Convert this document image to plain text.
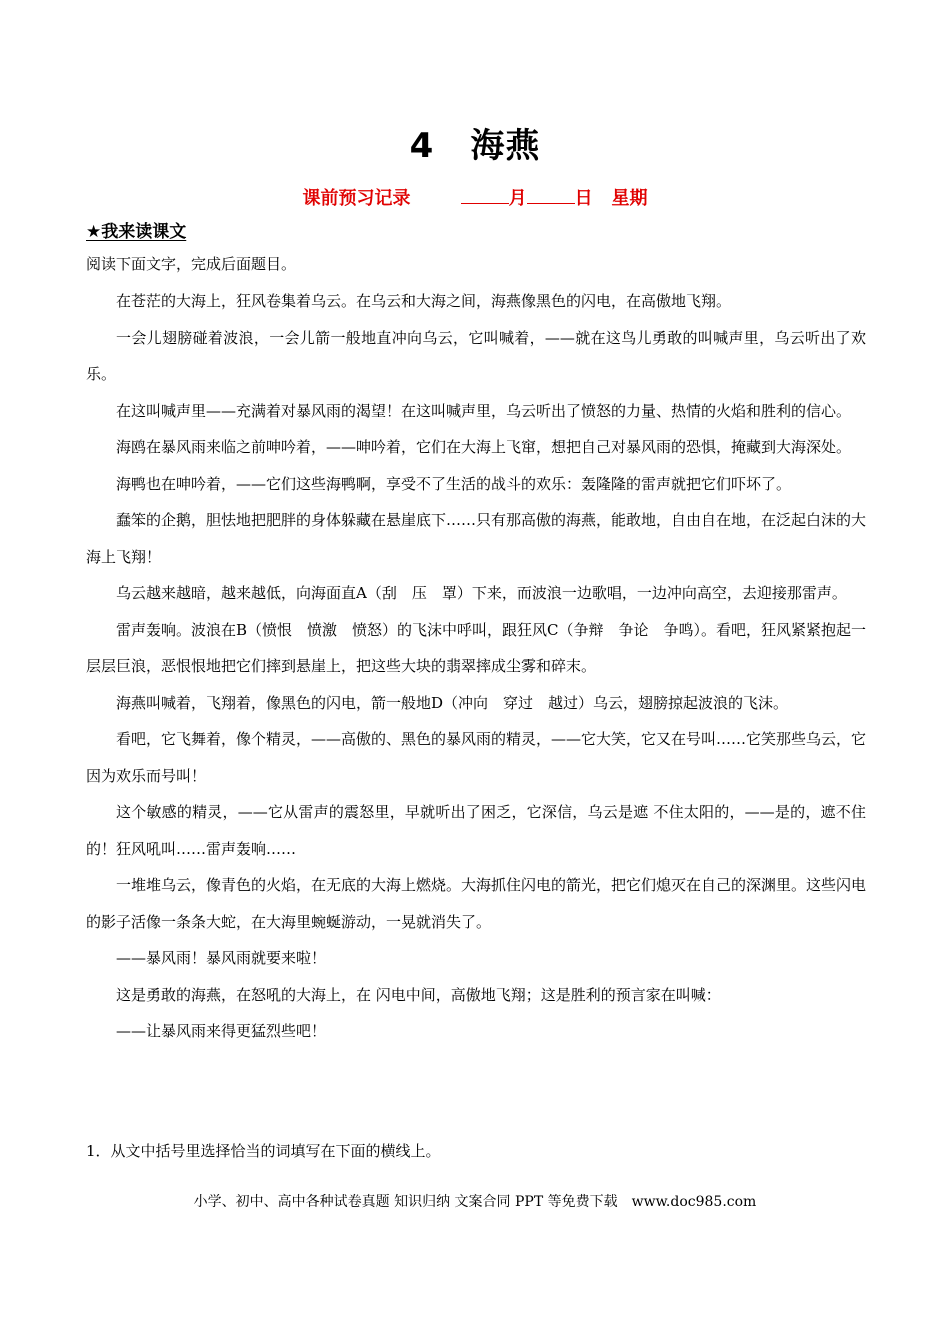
4 海燕
课前预习记录	月	日 星期
★我来读课文
阅读下面文字，完成后面题目。

在苍茫的大海上，狂风卷集着乌云。在乌云和大海之间，海燕像黑色的闪电，在高傲地飞翔。

一会儿翅膀碰着波浪，一会儿箭一般地直冲向乌云，它叫喊着，——就在这鸟儿勇敢的叫喊声里，乌云听出了欢乐。

在这叫喊声里——充满着对暴风雨的渴望！在这叫喊声里，乌云听出了愤怒的力量、热情的火焰和胜利的信心。

海鸥在暴风雨来临之前呻吟着，——呻吟着，它们在大海上飞窜，想把自己对暴风雨的恐惧，掩藏到大海深处。

海鸭也在呻吟着，——它们这些海鸭啊，享受不了生活的战斗的欢乐：轰隆隆的雷声就把它们吓坏了。

蠢笨的企鹅，胆怯地把肥胖的身体躲藏在悬崖底下……只有那高傲的海燕，能敢地，自由自在地，在泛起白沫的大海上飞翔！

乌云越来越暗，越来越低，向海面直A（刮　压　罩）下来，而波浪一边歌唱，一边冲向高空，去迎接那雷声。

雷声轰响。波浪在B（愤恨　愤激　愤怒）的飞沫中呼叫，跟狂风C（争辩　争论　争鸣）。看吧，狂风紧紧抱起一层层巨浪，恶恨恨地把它们摔到悬崖上，把这些大块的翡翠摔成尘雾和碎末。

海燕叫喊着，飞翔着，像黑色的闪电，箭一般地D（冲向　穿过　越过）乌云，翅膀掠起波浪的飞沫。

看吧，它飞舞着，像个精灵，——高傲的、黑色的暴风雨的精灵，——它大笑，它又在号叫……它笑那些乌云，它因为欢乐而号叫！

这个敏感的精灵，——它从雷声的震怒里，早就听出了困乏，它深信，乌云是遮 不住太阳的，——是的，遮不住的！狂风吼叫……雷声轰响……

一堆堆乌云，像青色的火焰，在无底的大海上燃烧。大海抓住闪电的箭光，把它们熄灭在自己的深渊里。这些闪电的影子活像一条条大蛇，在大海里蜿蜒游动，一晃就消失了。

——暴风雨！暴风雨就要来啦！

这是勇敢的海燕，在怒吼的大海上，在 闪电中间，高傲地飞翔；这是胜利的预言家在叫喊：

——让暴风雨来得更猛烈些吧！

1．从文中括号里选择恰当的词填写在下面的横线上。
小学、初中、高中各种试卷真题 知识归纳 文案合同 PPT 等免费下载　www.doc985.com
